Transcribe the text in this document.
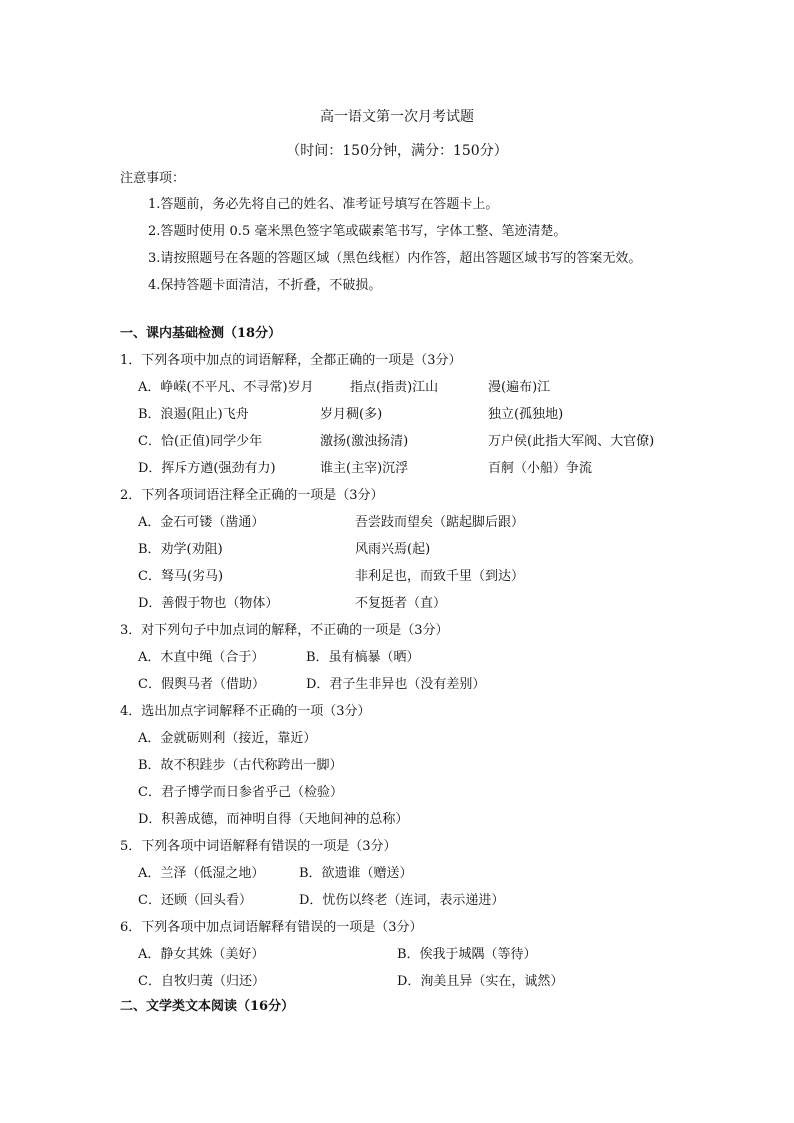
高一语文第一次月考试题
（时间：150分钟，满分：150分）
注意事项：
1.答题前，务必先将自己的姓名、准考证号填写在答题卡上。
2.答题时使用 0.5 毫米黑色签字笔或碳素笔书写，字体工整、笔迹清楚。
3.请按照题号在各题的答题区域（黑色线框）内作答，超出答题区域书写的答案无效。
4.保持答题卡面清洁，不折叠，不破损。
一、课内基础检测（18分）
1．下列各项中加点的词语解释，全都正确的一项是（3分）
A．峥嵘(不平凡、不寻常)岁月	指点(指责)江山	漫(遍布)江
B．浪遏(阻止)飞舟	岁月稠(多)	独立(孤独地)
C．恰(正值)同学少年	激扬(激浊扬清)	万户侯(此指大军阀、大官僚)
D．挥斥方遒(强劲有力)	谁主(主宰)沉浮	百舸（小船）争流
2．下列各项词语注释全正确的一项是（3分）
A．金石可镂（凿通）	吾尝跂而望矣（踮起脚后跟）
B．劝学(劝阻)	风雨兴焉(起)
C．驽马(劣马)	非利足也，而致千里（到达）
D．善假于物也（物体）	不复挺者（直）
3．对下列句子中加点词的解释，不正确的一项是（3分）
A．木直中绳（合于）	B．虽有槁暴（晒）
C．假舆马者（借助）	D．君子生非异也（没有差别）
4．选出加点字词解释不正确的一项（3分）
A．金就砺则利（接近，靠近）
B．故不积跬步（古代称跨出一脚）
C．君子博学而日参省乎己（检验）
D．积善成德，而神明自得（天地间神的总称）
5．下列各项中词语解释有错误的一项是（3分）
A．兰泽（低湿之地）	B．欲遗谁（赠送）
C．还顾（回头看）	D．忧伤以终老（连词，表示递进）
6．下列各项中加点词语解释有错误的一项是（3分）
A．静女其姝（美好）	B．俟我于城隅（等待）
C．自牧归荑（归还）	D．洵美且异（实在，诚然）
二、文学类文本阅读（16分）
